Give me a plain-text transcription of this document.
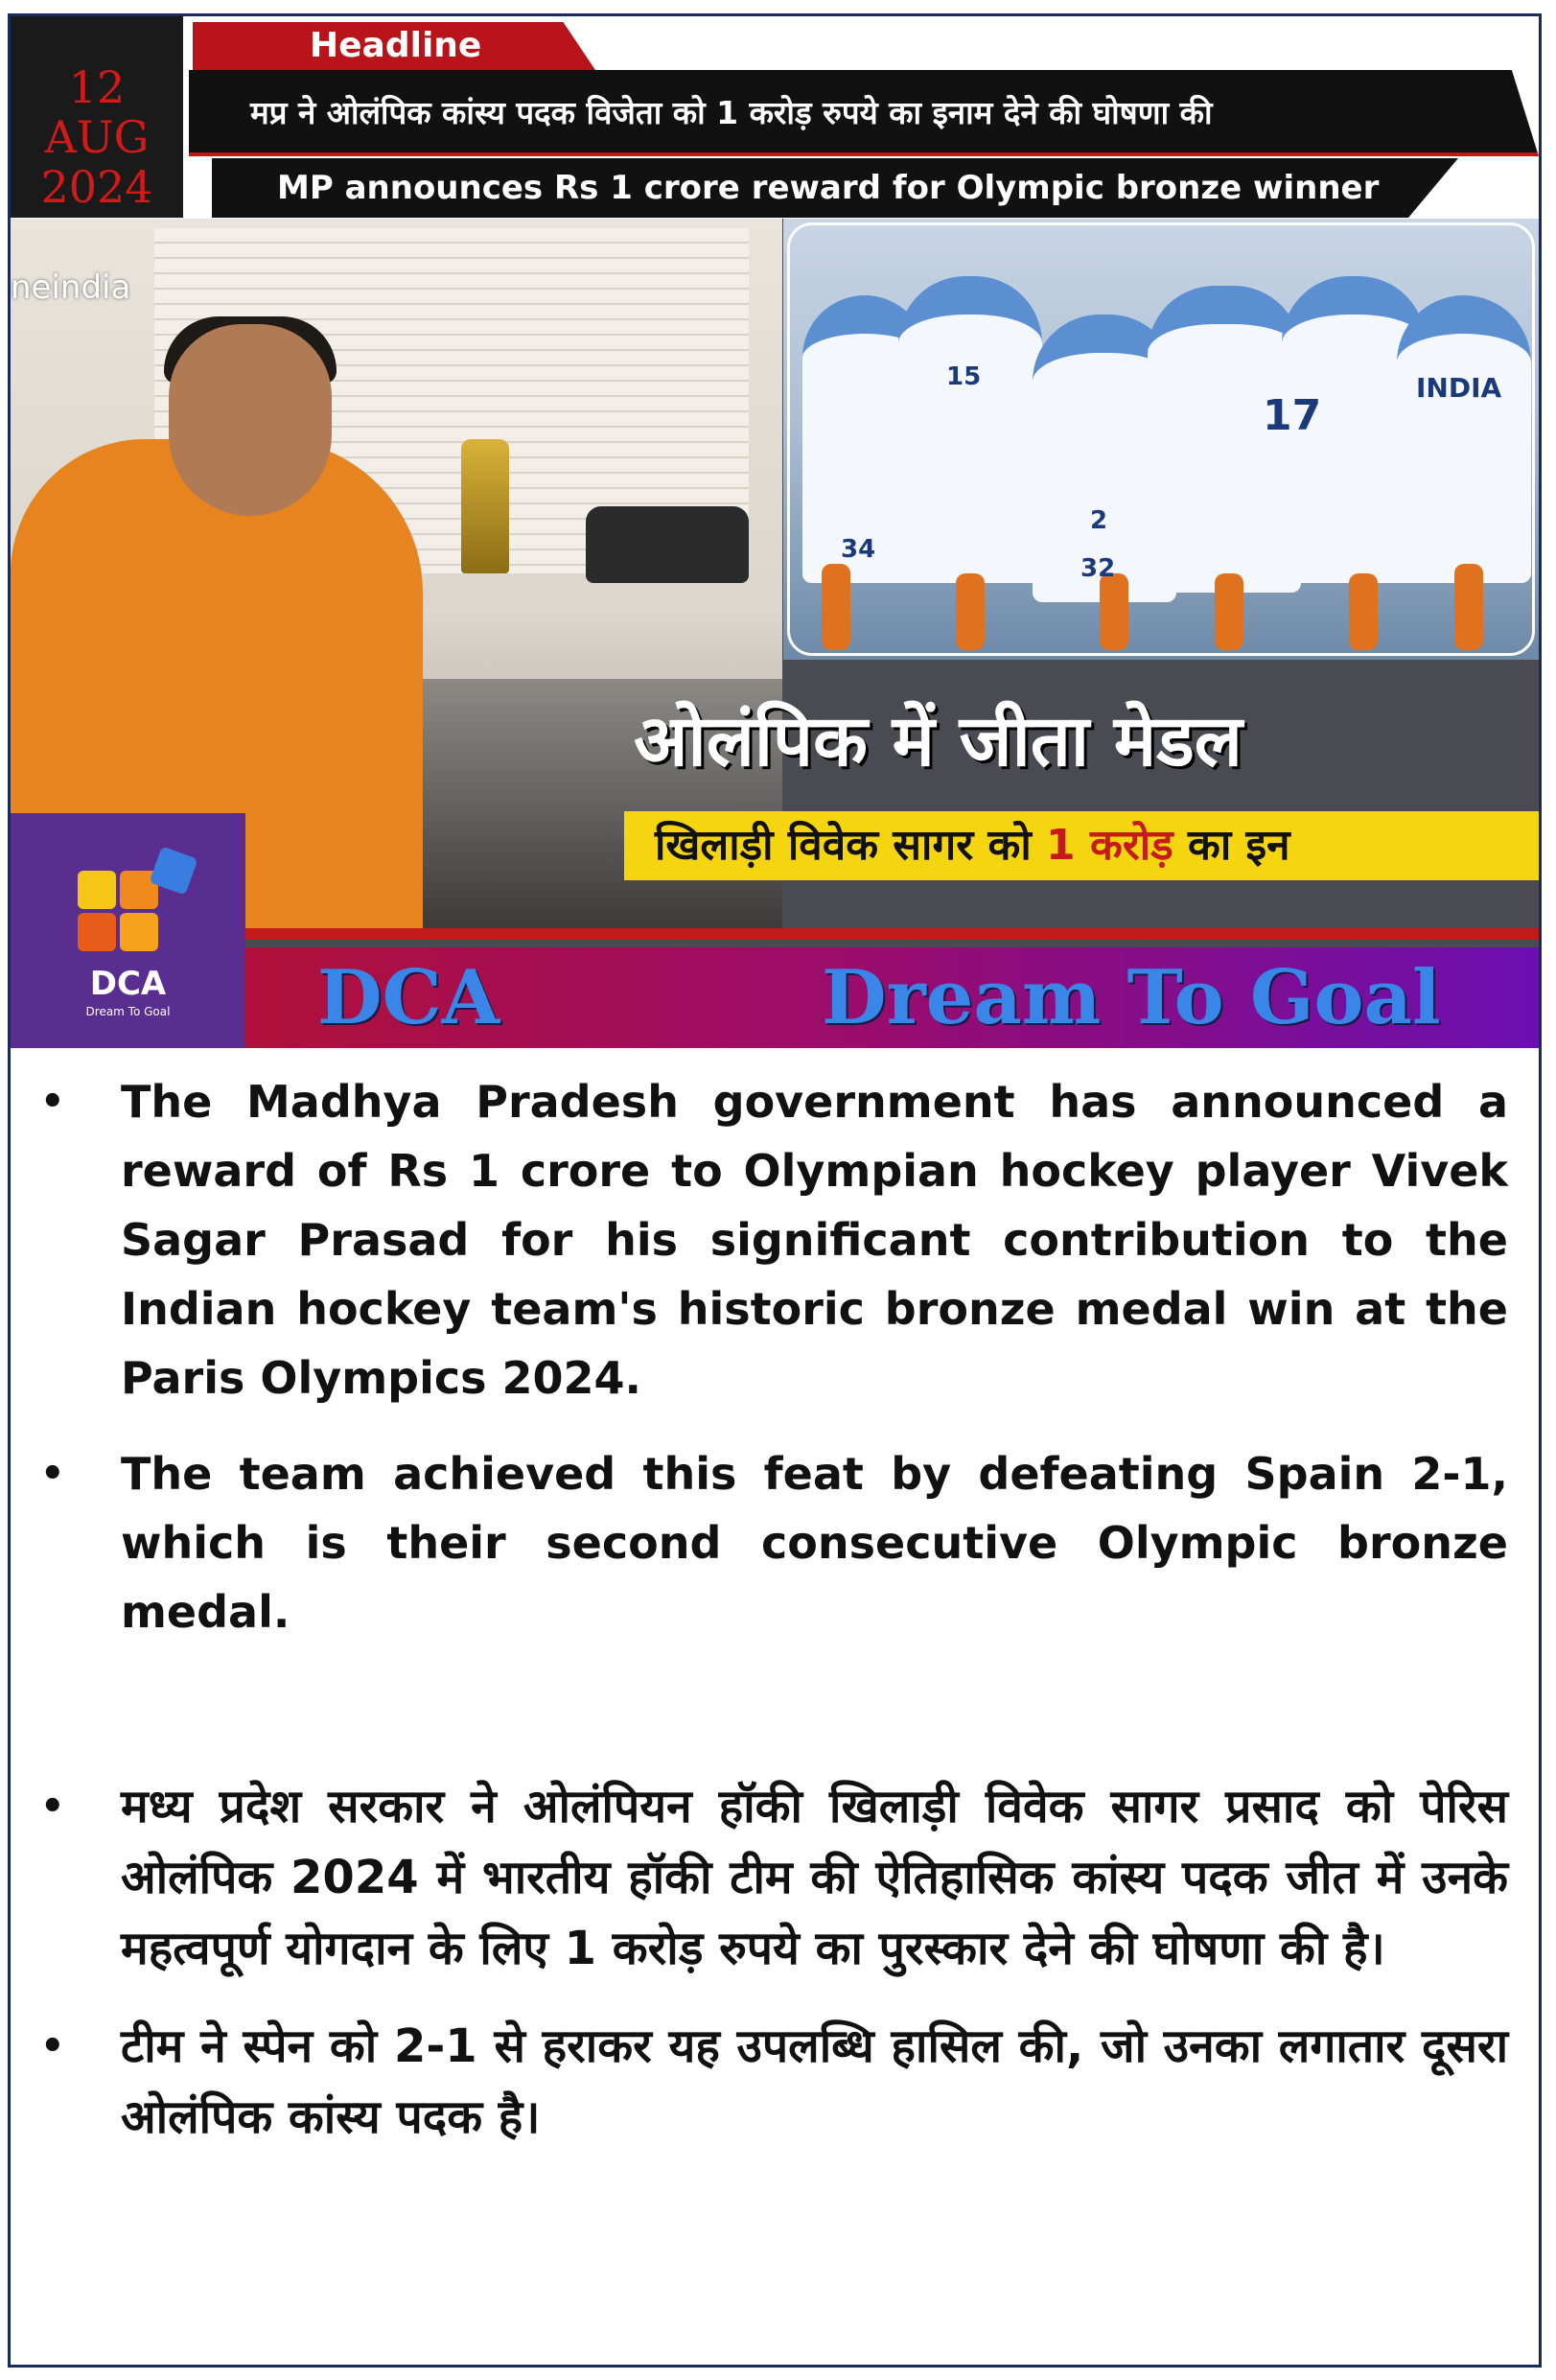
12
AUG
2024
Headline
मप्र ने ओलंपिक कांस्य पदक विजेता को 1 करोड़ रुपये का इनाम देने की घोषणा की
MP announces Rs 1 crore reward for Olympic bronze winner
neindia
34
15
2
32
17
INDIA
ओलंपिक में जीता मेडल
खिलाड़ी विवेक सागर को 1 करोड़ का इन
DCA
Dream To Goal	DCA	Dream To Goal
• The Madhya Pradesh government has announced a reward of Rs 1 crore to Olympian hockey player Vivek Sagar Prasad for his significant contribution to the Indian hockey team's historic bronze medal win at the Paris Olympics 2024.
• The team achieved this feat by defeating Spain 2-1, which is their second consecutive Olympic bronze medal.
• मध्य प्रदेश सरकार ने ओलंपियन हॉकी खिलाड़ी विवेक सागर प्रसाद को पेरिस ओलंपिक 2024 में भारतीय हॉकी टीम की ऐतिहासिक कांस्य पदक जीत में उनके महत्वपूर्ण योगदान के लिए 1 करोड़ रुपये का पुरस्कार देने की घोषणा की है।
• टीम ने स्पेन को 2-1 से हराकर यह उपलब्धि हासिल की, जो उनका लगातार दूसरा ओलंपिक कांस्य पदक है।
